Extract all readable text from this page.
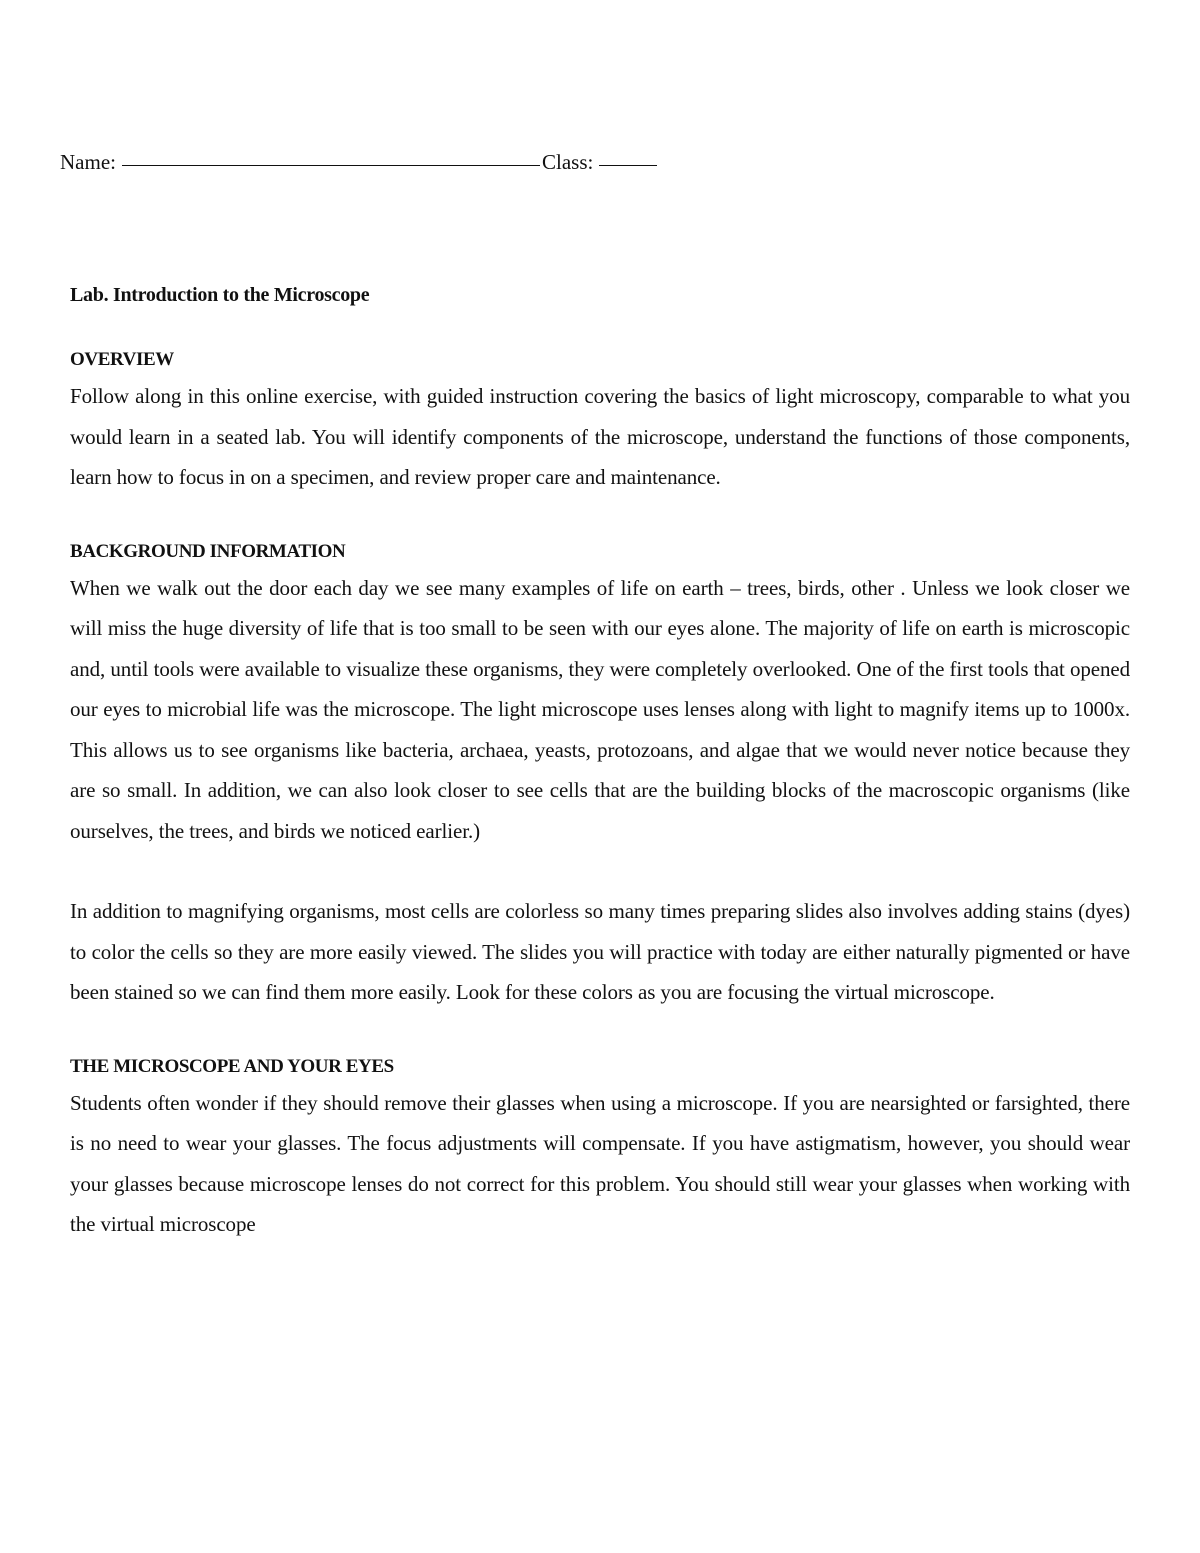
Name:	Class:

Lab. Introduction to the Microscope

OVERVIEW

Follow along in this online exercise, with guided instruction covering the basics of light microscopy, comparable to what you would learn in a seated lab. You will identify components of the microscope, understand the functions of those components, learn how to focus in on a specimen, and review proper care and maintenance.

BACKGROUND INFORMATION

When we walk out the door each day we see many examples of life on earth – trees, birds, other . Unless we look closer we will miss the huge diversity of life that is too small to be seen with our eyes alone. The majority of life on earth is microscopic and, until tools were available to visualize these organisms, they were completely overlooked. One of the first tools that opened our eyes to microbial life was the microscope. The light microscope uses lenses along with light to magnify items up to 1000x. This allows us to see organisms like bacteria, archaea, yeasts, protozoans, and algae that we would never notice because they are so small. In addition, we can also look closer to see cells that are the building blocks of the macroscopic organisms (like ourselves, the trees, and birds we noticed earlier.)

In addition to magnifying organisms, most cells are colorless so many times preparing slides also involves adding stains (dyes) to color the cells so they are more easily viewed. The slides you will practice with today are either naturally pigmented or have been stained so we can find them more easily. Look for these colors as you are focusing the virtual microscope.

THE MICROSCOPE AND YOUR EYES

Students often wonder if they should remove their glasses when using a microscope. If you are nearsighted or farsighted, there is no need to wear your glasses. The focus adjustments will compensate. If you have astigmatism, however, you should wear your glasses because microscope lenses do not correct for this problem. You should still wear your glasses when working with the virtual microscope
